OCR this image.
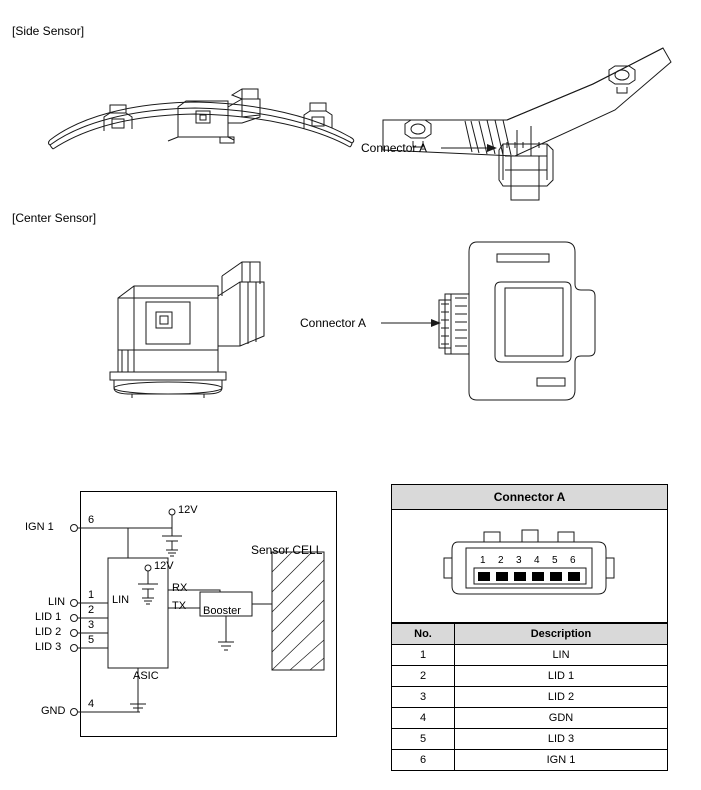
[Side Sensor]
Connector A
[Center Sensor]
Connector A
IGN 1
6
LIN
1
LID 1
2
LID 2
3
LID 3
5
GND
4
12V
12V
LIN
ASIC
RX
TX Booster
Sensor CELL
Connector A
1 2 3 4 5 6
No.	Description
1	LIN
2	LID 1
3	LID 2
4	GDN
5	LID 3
6	IGN 1
